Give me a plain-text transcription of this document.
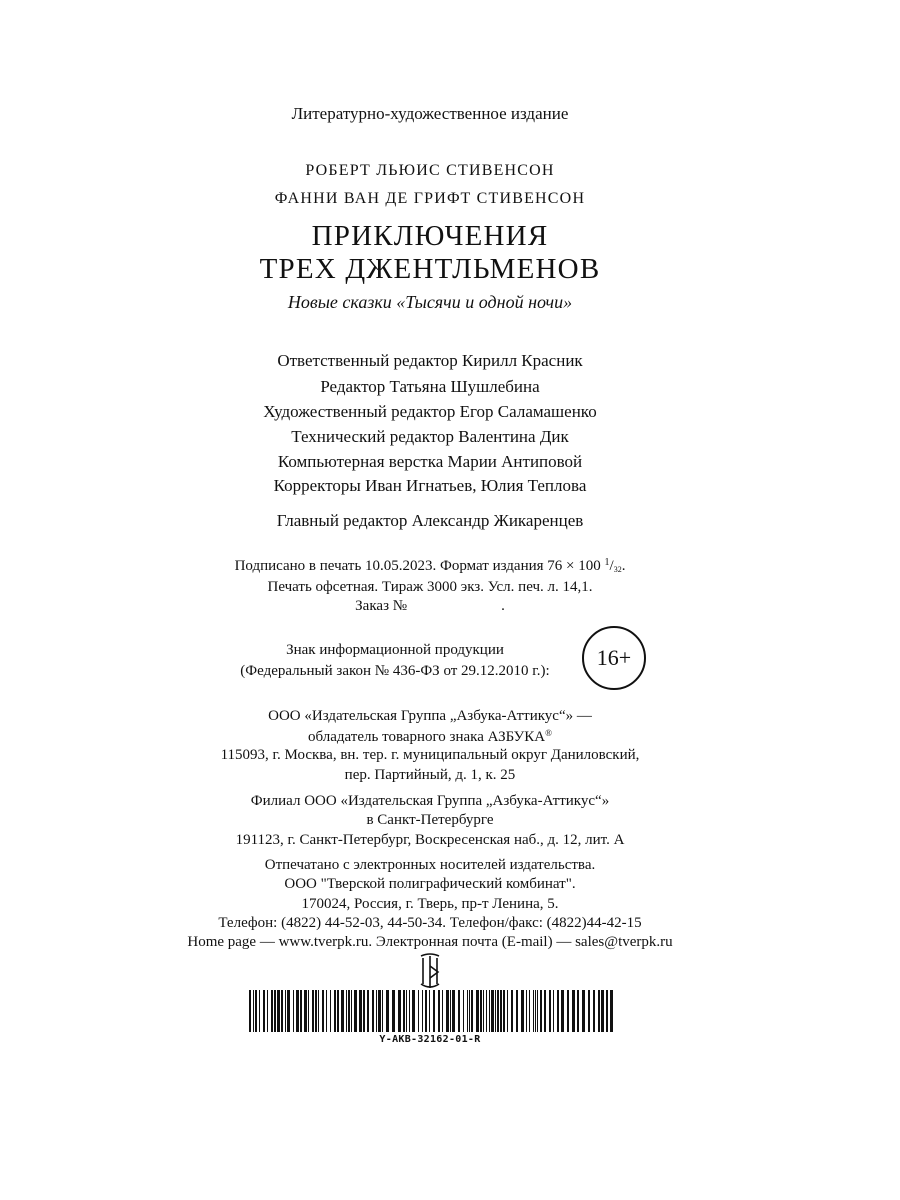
Литературно-художественное издание
РОБЕРТ ЛЬЮИС СТИВЕНСОН
ФАННИ ВАН ДЕ ГРИФТ СТИВЕНСОН
ПРИКЛЮЧЕНИЯ
ТРЕХ ДЖЕНТЛЬМЕНОВ
Новые сказки «Тысячи и одной ночи»
Ответственный редактор Кирилл Красник
Редактор Татьяна Шушлебина
Художественный редактор Егор Саламашенко
Технический редактор Валентина Дик
Компьютерная верстка Марии Антиповой
Корректоры Иван Игнатьев, Юлия Теплова
Главный редактор Александр Жикаренцев
Подписано в печать 10.05.2023. Формат издания 76 × 100 $^1$/32.
Печать офсетная. Тираж 3000 экз. Усл. печ. л. 14,1.
Заказ №	.
Знак информационной продукции
(Федеральный закон № 436-ФЗ от 29.12.2010 г.):
16+
ООО «Издательская Группа „Азбука-Аттикус“» —
обладатель товарного знака АЗБУКА®
115093, г. Москва, вн. тер. г. муниципальный округ Даниловский,
пер. Партийный, д. 1, к. 25
Филиал ООО «Издательская Группа „Азбука-Аттикус“»
в Санкт-Петербурге
191123, г. Санкт-Петербург, Воскресенская наб., д. 12, лит. А
Отпечатано с электронных носителей издательства.
ООО "Тверской полиграфический комбинат".
170024, Россия, г. Тверь, пр-т Ленина, 5.
Телефон: (4822) 44-52-03, 44-50-34. Телефон/факс: (4822)44-42-15
Home page — www.tverpk.ru. Электронная почта (E-mail) — sales@tverpk.ru
Y-AKB-32162-01-R
